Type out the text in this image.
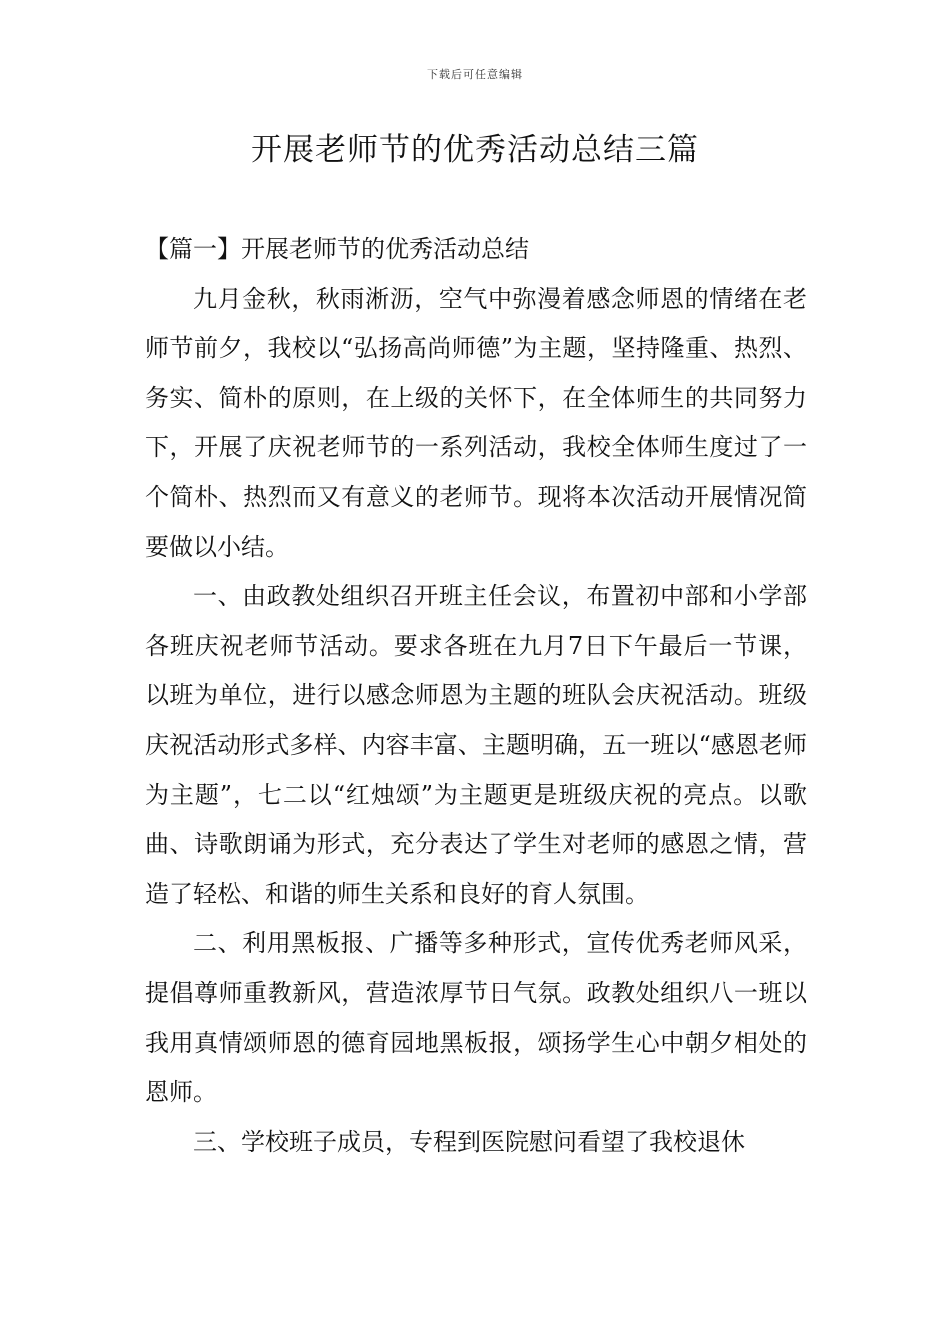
下载后可任意编辑
开展老师节的优秀活动总结三篇

【篇一】开展老师节的优秀活动总结

九月金秋，秋雨淅沥，空气中弥漫着感念师恩的情绪在老师节前夕，我校以“弘扬高尚师德”为主题，坚持隆重、热烈、务实、简朴的原则，在上级的关怀下，在全体师生的共同努力下，开展了庆祝老师节的一系列活动，我校全体师生度过了一个简朴、热烈而又有意义的老师节。现将本次活动开展情况简要做以小结。

一、由政教处组织召开班主任会议，布置初中部和小学部各班庆祝老师节活动。要求各班在九月7日下午最后一节课，以班为单位，进行以感念师恩为主题的班队会庆祝活动。班级庆祝活动形式多样、内容丰富、主题明确，五一班以“感恩老师为主题”，七二以“红烛颂”为主题更是班级庆祝的亮点。以歌曲、诗歌朗诵为形式，充分表达了学生对老师的感恩之情，营造了轻松、和谐的师生关系和良好的育人氛围。

二、利用黑板报、广播等多种形式，宣传优秀老师风采，提倡尊师重教新风，营造浓厚节日气氛。政教处组织八一班以我用真情颂师恩的德育园地黑板报，颂扬学生心中朝夕相处的恩师。

三、学校班子成员，专程到医院慰问看望了我校退休
